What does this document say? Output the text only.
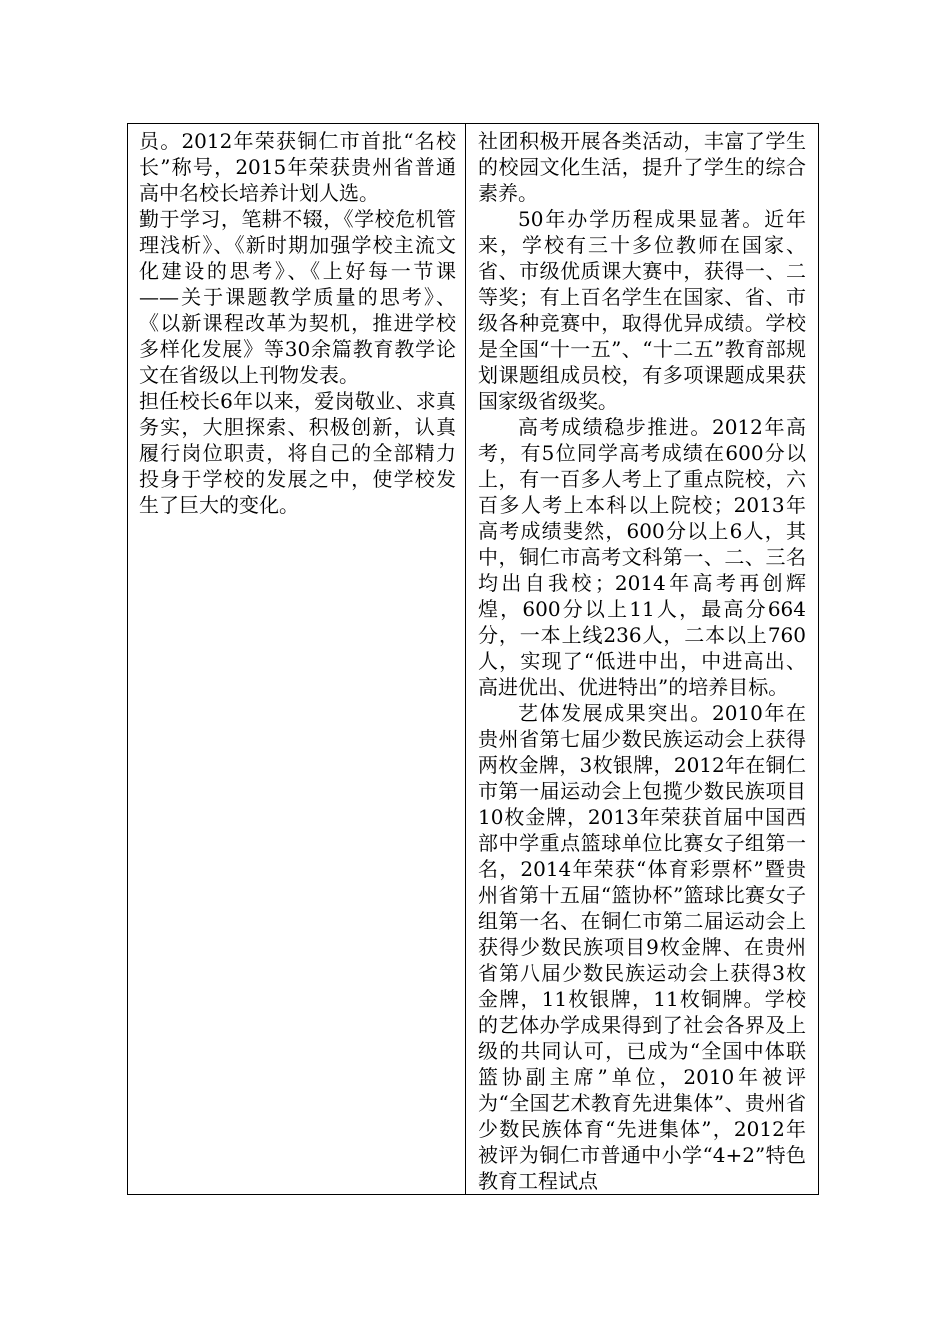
员。2012年荣获铜仁市首批“名校长”称号，2015年荣获贵州省普通高中名校长培养计划人选。

勤于学习，笔耕不辍，《学校危机管理浅析》、《新时期加强学校主流文化建设的思考》、《上好每一节课——关于课题教学质量的思考》、《以新课程改革为契机，推进学校多样化发展》等30余篇教育教学论文在省级以上刊物发表。

担任校长6年以来，爱岗敬业、求真务实，大胆探索、积极创新，认真履行岗位职责，将自己的全部精力投身于学校的发展之中，使学校发生了巨大的变化。

社团积极开展各类活动，丰富了学生的校园文化生活，提升了学生的综合素养。

50年办学历程成果显著。近年来，学校有三十多位教师在国家、省、市级优质课大赛中，获得一、二等奖；有上百名学生在国家、省、市级各种竞赛中，取得优异成绩。学校是全国“十一五”、“十二五”教育部规划课题组成员校，有多项课题成果获国家级省级奖。

高考成绩稳步推进。2012年高考，有5位同学高考成绩在600分以上，有一百多人考上了重点院校，六百多人考上本科以上院校；2013年高考成绩斐然，600分以上6人，其中，铜仁市高考文科第一、二、三名均出自我校；2014年高考再创辉煌，600分以上11人，最高分664分，一本上线236人，二本以上760人，实现了“低进中出，中进高出、高进优出、优进特出”的培养目标。

艺体发展成果突出。2010年在贵州省第七届少数民族运动会上获得两枚金牌，3枚银牌，2012年在铜仁市第一届运动会上包揽少数民族项目10枚金牌，2013年荣获首届中国西部中学重点篮球单位比赛女子组第一名，2014年荣获“体育彩票杯”暨贵州省第十五届“篮协杯”篮球比赛女子组第一名、在铜仁市第二届运动会上获得少数民族项目9枚金牌、在贵州省第八届少数民族运动会上获得3枚金牌，11枚银牌，11枚铜牌。学校的艺体办学成果得到了社会各界及上级的共同认可，已成为“全国中体联篮协副主席”单位，2010年被评为“全国艺术教育先进集体”、贵州省少数民族体育“先进集体”，2012年被评为铜仁市普通中小学“4+2”特色教育工程试点
